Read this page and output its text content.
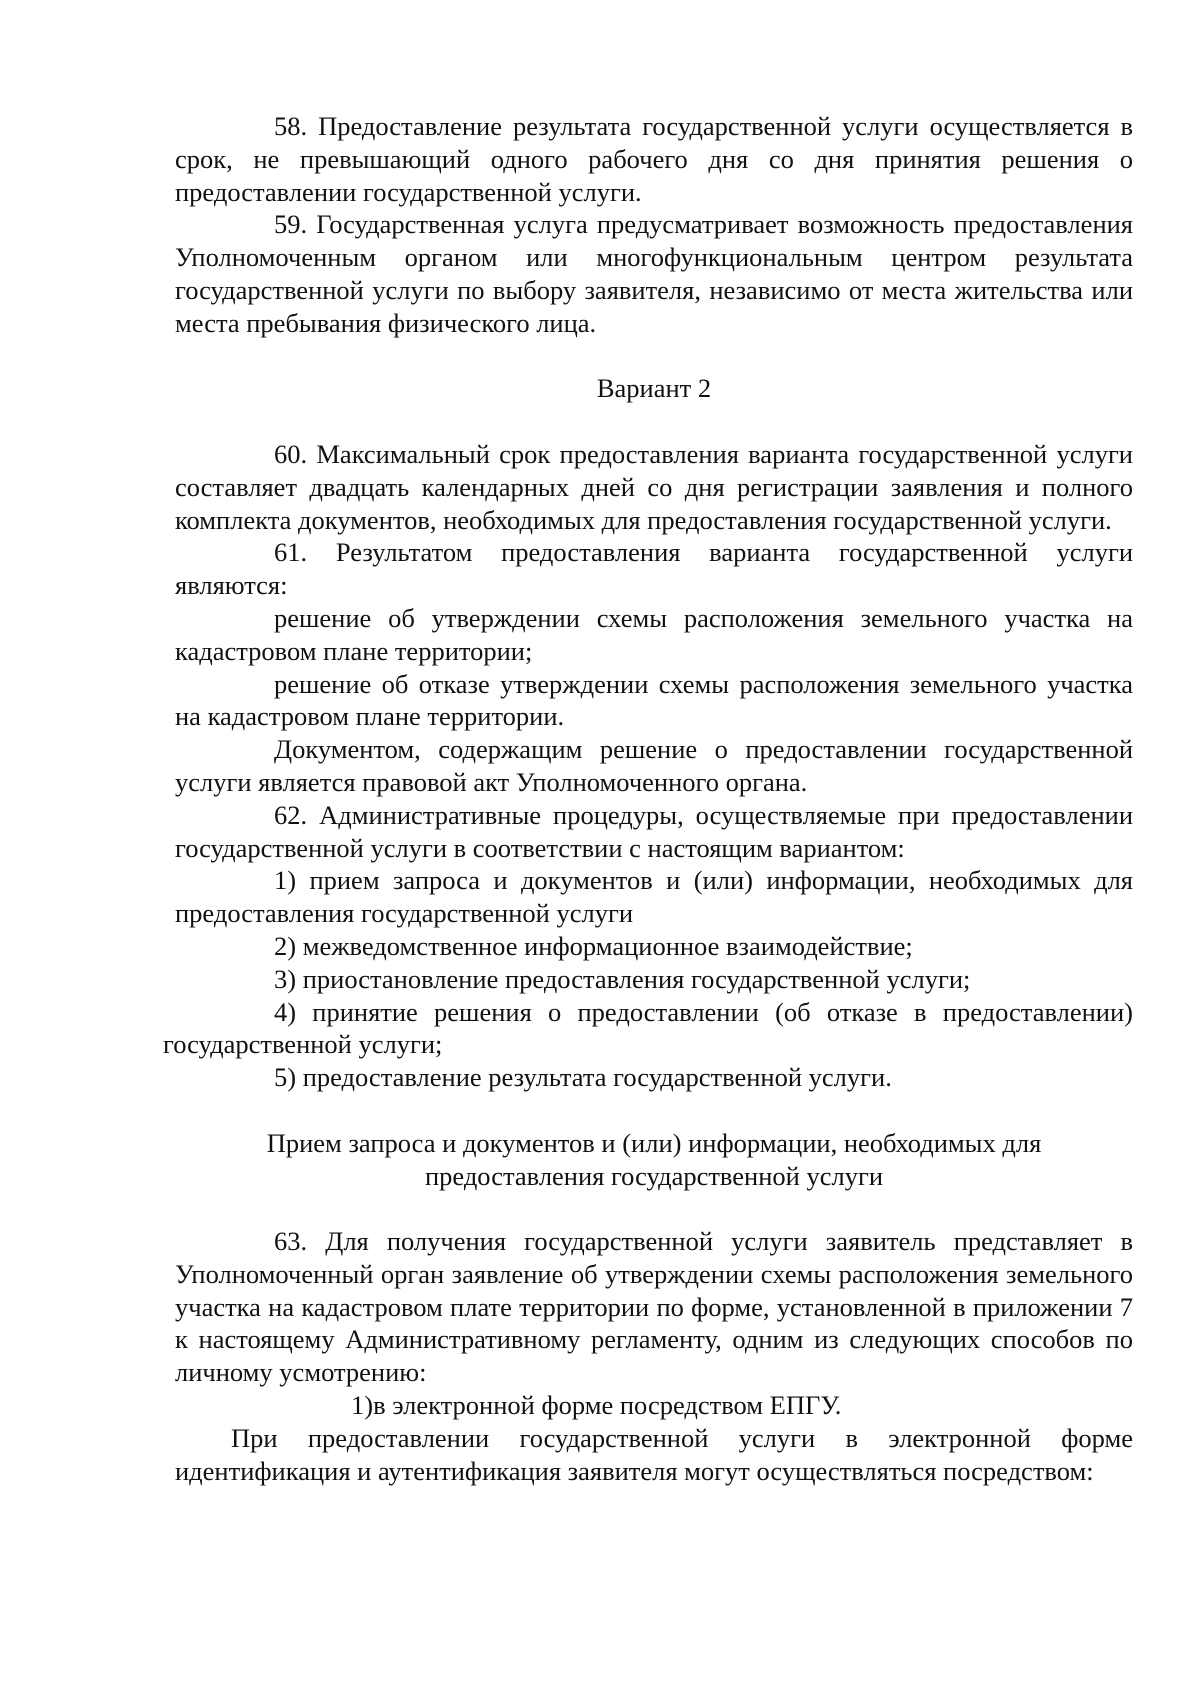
58. Предоставление результата государственной услуги осуществляется в срок, не превышающий одного рабочего дня со дня принятия решения о предоставлении государственной услуги.

59. Государственная услуга предусматривает возможность предоставления Уполномоченным органом или многофункциональным центром результата государственной услуги по выбору заявителя, независимо от места жительства или места пребывания физического лица.

Вариант 2

60. Максимальный срок предоставления варианта государственной услуги составляет двадцать календарных дней со дня регистрации заявления и полного комплекта документов, необходимых для предоставления государственной услуги.

61. Результатом предоставления варианта государственной услуги являются:

решение об утверждении схемы расположения земельного участка на кадастровом плане территории;

решение об отказе утверждении схемы расположения земельного участка на кадастровом плане территории.

Документом, содержащим решение о предоставлении государственной услуги является правовой акт Уполномоченного органа.

62. Административные процедуры, осуществляемые при предоставлении государственной услуги в соответствии с настоящим вариантом:

1) прием запроса и документов и (или) информации, необходимых для предоставления государственной услуги

2) межведомственное информационное взаимодействие;

3) приостановление предоставления государственной услуги;

4) принятие решения о предоставлении (об отказе в предоставлении) государственной услуги;

5) предоставление результата государственной услуги.

Прием запроса и документов и (или) информации, необходимых для

предоставления государственной услуги

63. Для получения государственной услуги заявитель представляет в Уполномоченный орган заявление об утверждении схемы расположения земельного участка на кадастровом плате территории по форме, установленной в приложении 7 к настоящему Административному регламенту, одним из следующих способов по личному усмотрению:

1)в электронной форме посредством ЕПГУ.

При предоставлении государственной услуги в электронной форме идентификация и аутентификация заявителя могут осуществляться посредством:
